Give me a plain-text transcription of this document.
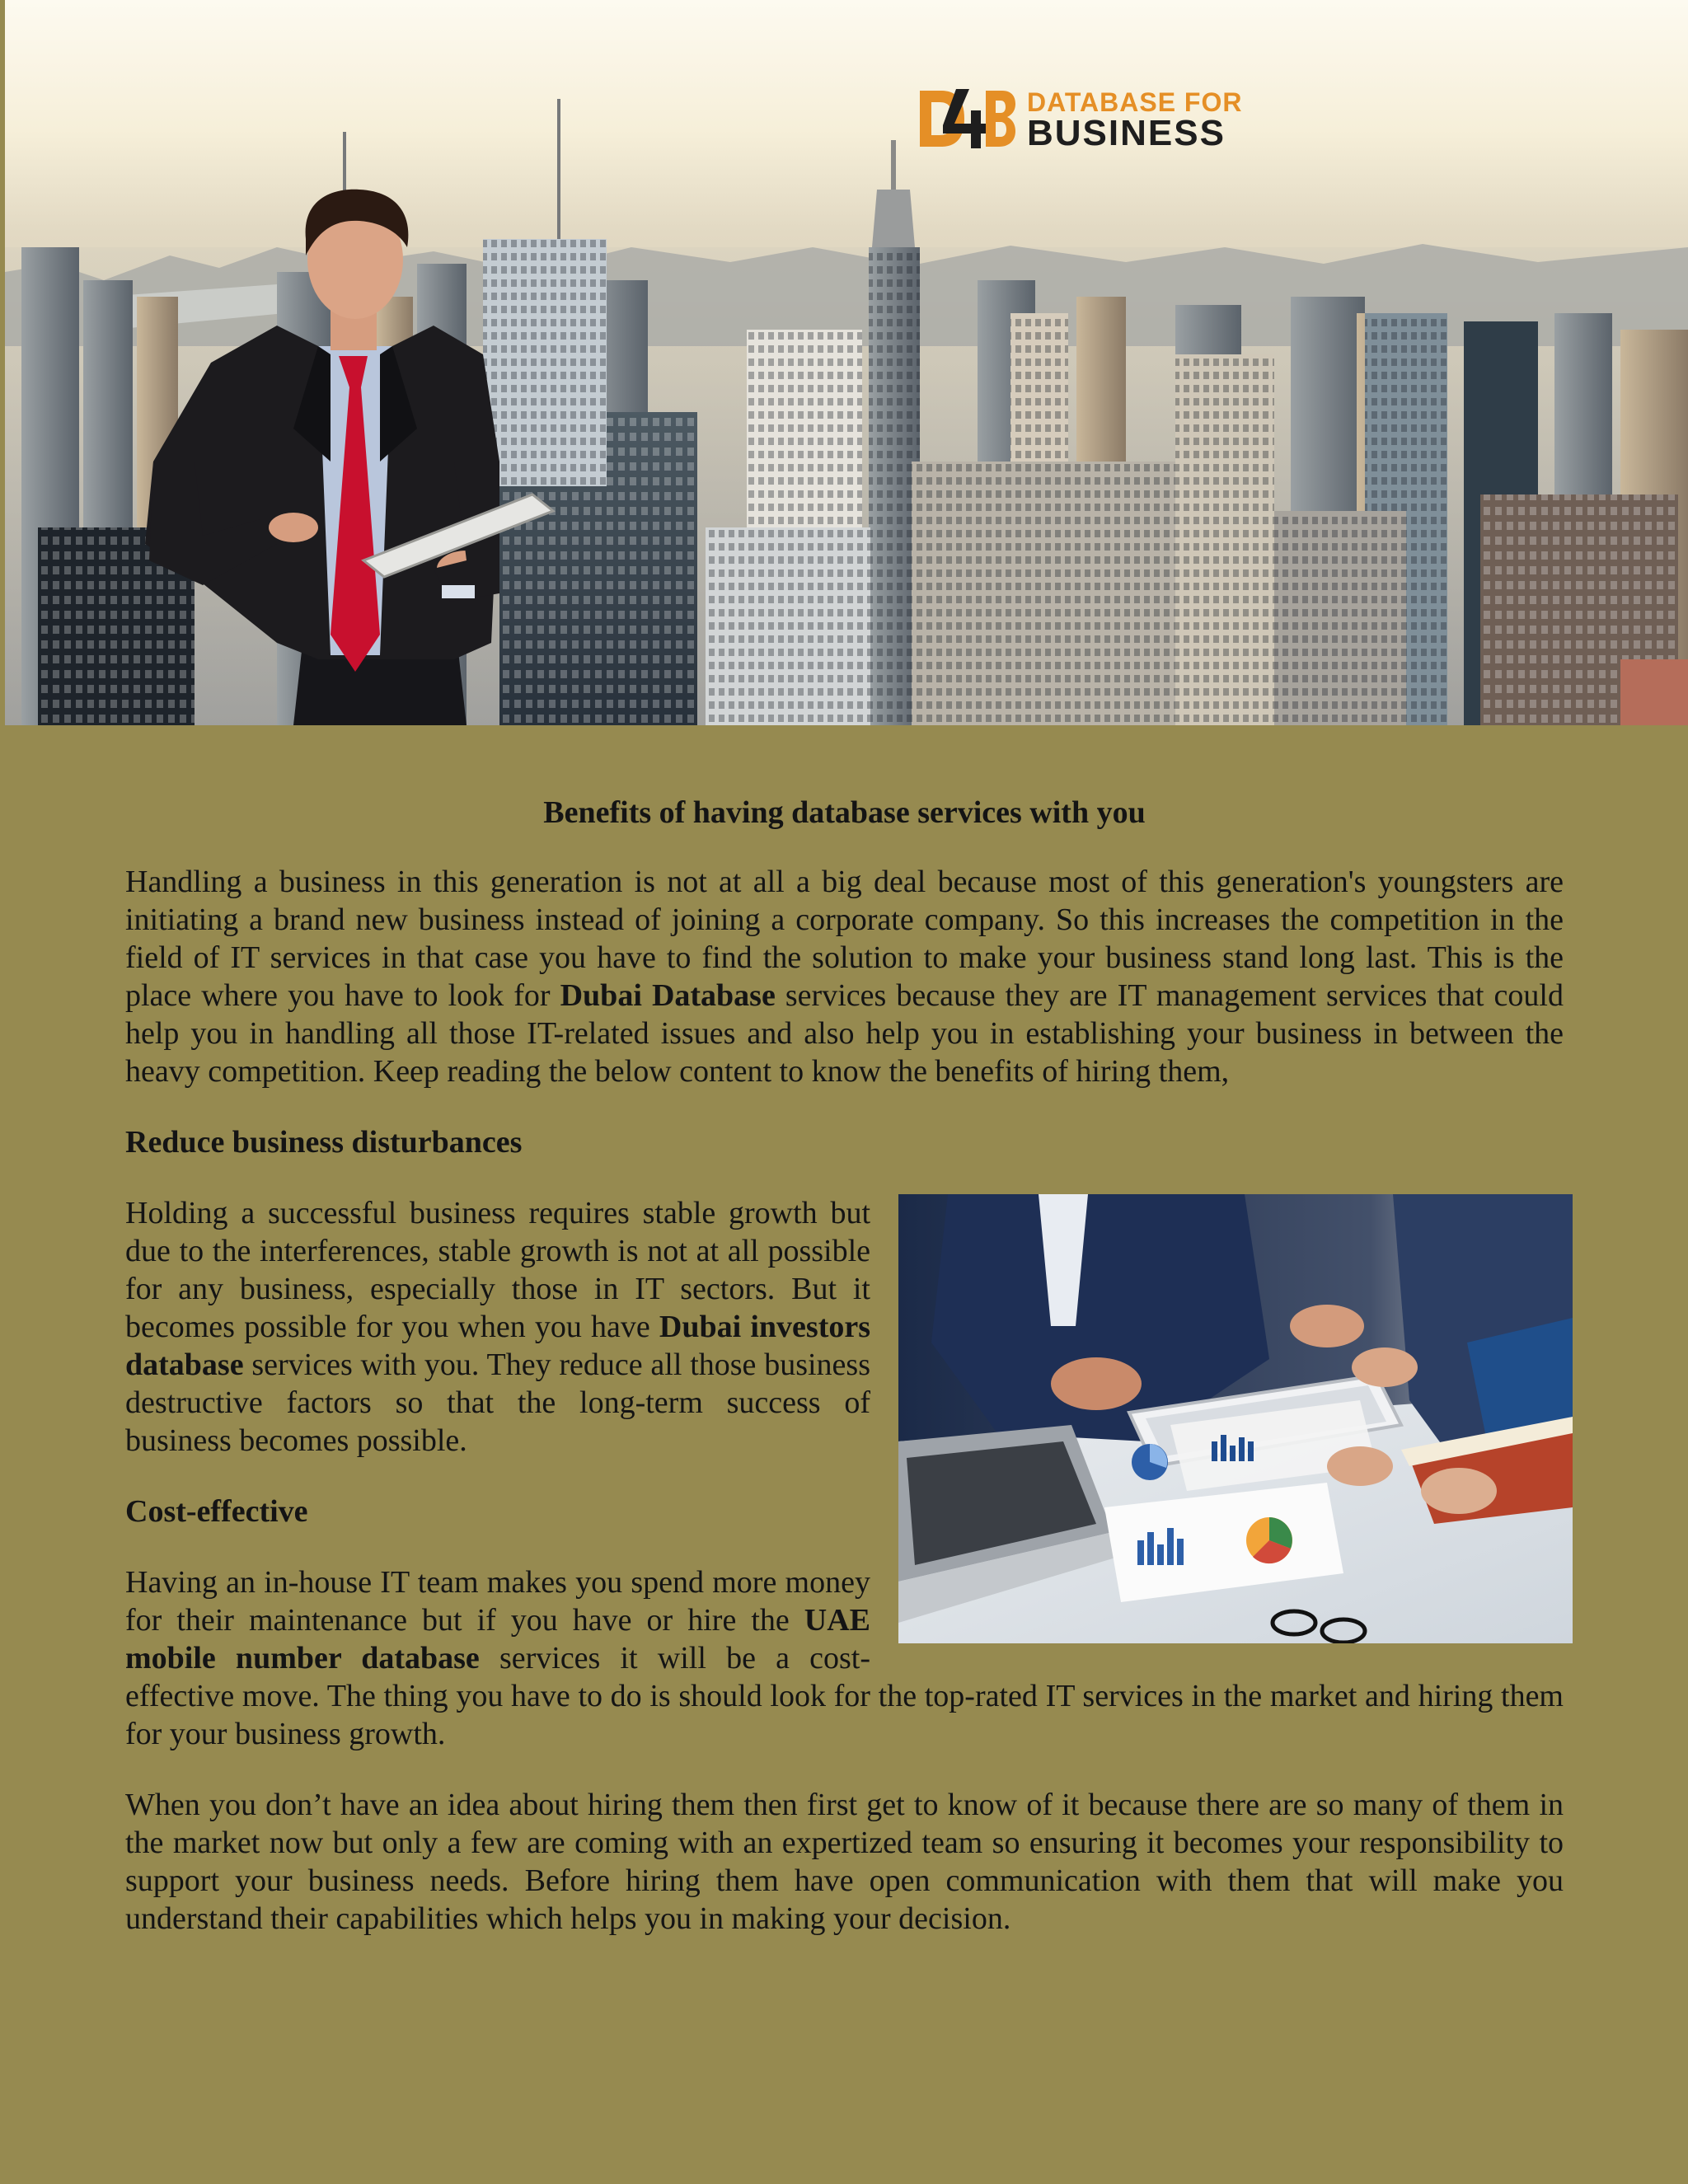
DATABASE FOR
BUSINESS
Benefits of having database services with you

Handling a business in this generation is not at all a big deal because most of this generation's youngsters are initiating a brand new business instead of joining a corporate company. So this increases the competition in the field of IT services in that case you have to find the solution to make your business stand long last. This is the place where you have to look for Dubai Database services because they are IT management services that could help you in handling all those IT-related issues and also help you in establishing your business in between the heavy competition. Keep reading the below content to know the benefits of hiring them,

Reduce business disturbances

Holding a successful business requires stable growth but due to the interferences, stable growth is not at all possible for any business, especially those in IT sectors. But it becomes possible for you when you have Dubai investors database services with you. They reduce all those business destructive factors so that the long-term success of business becomes possible.

Cost-effective

Having an in-house IT team makes you spend more money for their maintenance but if you have or hire the UAE mobile number database services it will be a cost-effective move. The thing you have to do is should look for the top-rated IT services in the market and hiring them for your business growth.

When you don’t have an idea about hiring them then first get to know of it because there are so many of them in the market now but only a few are coming with an expertized team so ensuring it becomes your responsibility to support your business needs. Before hiring them have open communication with them that will make you understand their capabilities which helps you in making your decision.
